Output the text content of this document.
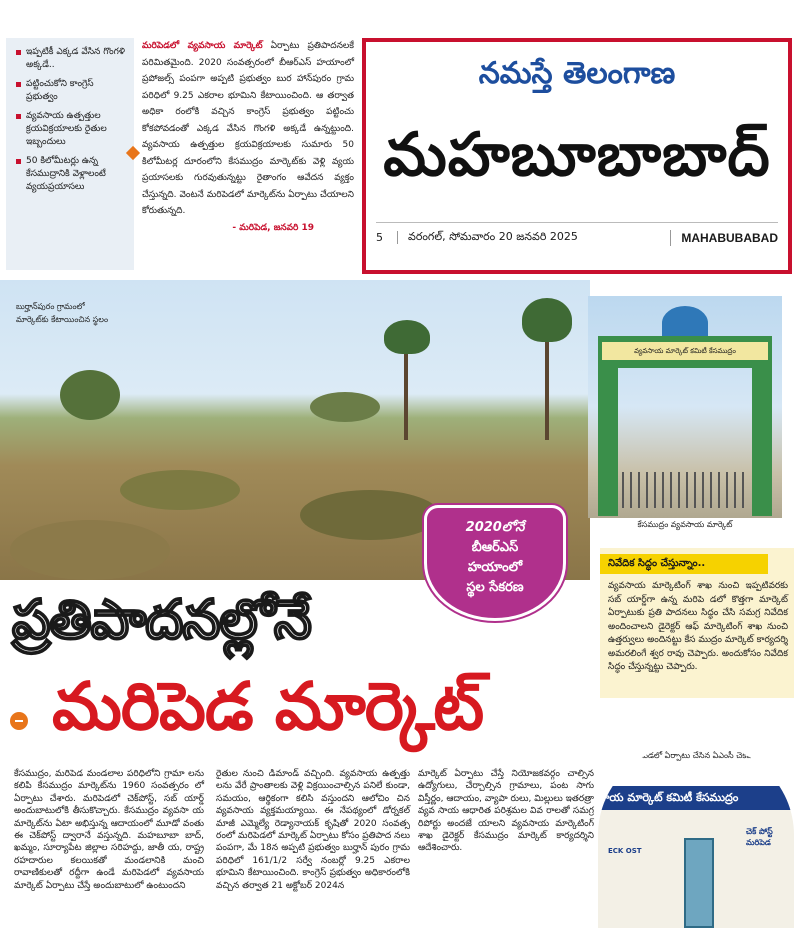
ఇప్పటికీ ఎక్కడ వేసిన గొంగళి అక్కడే..
పట్టించుకోని కాంగ్రెస్ ప్రభుత్వం
వ్యవసాయ ఉత్పత్తుల క్రయవిక్రయాలకు రైతుల ఇబ్బందులు
50 కిలోమీటర్లు ఉన్న కేసముద్రానికి వెళ్లాలంటే వ్యయప్రయాసలు
మరిపెడలో వ్యవసాయ మార్కెట్ ఏర్పాటు ప్రతిపాదనలకే పరిమితమైంది. 2020 సంవత్సరంలో బీఆర్ఎస్ హయాంలో ప్రపోజల్స్ పంపగా అప్పటి ప్రభుత్వం బుర హాన్‌పురం గ్రామ పరిధిలో 9.25 ఎకరాల భూమిని కేటాయించింది. ఆ తర్వాత అధికా రంలోకి వచ్చిన కాంగ్రెస్ ప్రభుత్వం పట్టించు కోకపోవడంతో ఎక్కడ వేసిన గొంగళి అక్కడే ఉన్నట్టుంది. వ్యవసాయ ఉత్పత్తుల క్రయవిక్రయాలకు సుమారు 50 కిలోమీటర్ల దూరంలోని కేసముద్రం మార్కెట్‌కు వెళ్లి వ్యయ ప్రయాసలకు గురవుతున్నట్టు రైతాంగం ఆవేదన వ్యక్తం చేస్తున్నది. వెంటనే మరిపెడలో మార్కెట్‌ను ఏర్పాటు చేయాలని కోరుతున్నది.
- మరిపెడ, జనవరి 19
నమస్తే తెలంగాణ
మహబూబాబాద్
5	వరంగల్, సోమవారం 20 జనవరి 2025	MAHABUBABAD
బుర్హాన్‌పురం గ్రామంలో మార్కెట్‌కు కేటాయించిన స్థలం
వ్యవసాయ మార్కెట్ కమిటీ కేసముద్రం
కేసముద్రం వ్యవసాయ మార్కెట్
2020లోనే
బీఆర్ఎస్
హయాంలో
స్థల సేకరణ
నివేదిక సిద్ధం చేస్తున్నాం..
వ్యవసాయ మార్కెటింగ్ శాఖ నుంచి ఇప్పటివరకు సబ్ యార్డ్‌గా ఉన్న మరిపె డలో కొత్తగా మార్కెట్ ఏర్పాటుకు ప్రతి పాదనలు సిద్ధం చేసి సమగ్ర నివేదిక అందించాలని డైరెక్టర్ ఆఫ్ మార్కెటింగ్ శాఖ నుంచి ఉత్తర్వులు అందినట్టు కేస ముద్రం మార్కెట్ కార్యదర్శి అమరలింగే శ్వర రావు చెప్పారు. అందుకోసం నివేదిక సిద్ధం చేస్తున్నట్టు చెప్పారు.
ప్రతిపాదనల్లోనే
మరిపెడ మార్కెట్
కేసముద్రం, మరిపెడ మండలాల పరిధిలోని గ్రామా లను కలిపి కేసముద్రం మార్కెట్‌ను 1960 సంవత్సరం లో ఏర్పాటు చేశారు. మరిపెడలో చెక్‌పోస్ట్, సబ్ యార్డ్ అందుబాటులోకి తీసుకొచ్చారు. కేసముద్రం వ్యవసా య మార్కెట్‌ను ఏటా అభిస్తున్న ఆదాయంలో మూడో వంతు ఈ చెక్‌పోస్ట్ ద్వారానే వస్తున్నది. మహబూబా బాద్, ఖమ్మం, సూర్యాపేట జిల్లాల సరిహద్దు, జాతీ య, రాష్ట్ర రహదారుల కలయికతో మండలానికి మంచి రావాణికులతో రద్దీగా ఉండే మరిపెడలో వ్యవసాయ మార్కెట్ ఏర్పాటు చేస్తే అందుబాటులో ఉంటుందని
రైతుల నుంచి డిమాండ్ వచ్చింది. వ్యవసాయ ఉత్పత్తు లను వేరే ప్రాంతాలకు వెళ్లి విక్రయించాల్సిన పనిలే కుండా, సమయం, ఆర్థికంగా కలిసి వస్తుందని ఆలోచిం చిన వ్యవసాయ వ్యక్తమయ్యాయి. ఈ నేపథ్యంలో డోర్నకల్ మాజీ ఎమ్మెల్యే రెడ్యానాయక్ కృషితో 2020 సంవత్స రంలో మరిపెడలో మార్కెట్ ఏర్పాటు కోసం ప్రతిపాద నలు పంపగా, మే 18న అప్పటి ప్రభుత్వం బుర్హాన్ పురం గ్రామ పరిధిలో 161/1/2 సర్వే నంబర్లో 9.25 ఎకరాల భూమిని కేటాయించింది. కాంగ్రెస్ ప్రభుత్వం అధికారంలోకి వచ్చిన తర్వాత 21 అక్టోబర్ 2024న
మార్కెట్ ఏర్పాటు చేస్తే నియోజకవర్గం చాల్సిన ఉద్యోగులు, చేర్చాల్సిన గ్రామాలు, పంట సాగు విస్తీర్ణం, ఆదాయం, వ్యాపా రులు, మిల్లులు ఇతరత్రా వ్యవ సాయ ఆధారిత పరిశ్రమల వివ రాలతో సమగ్ర రిపోర్టు అందజే యాలని వ్యవసాయ మార్కెటింగ్ శాఖ డైరెక్టర్ కేసముద్రం మార్కెట్ కార్యదర్శిని ఆదేశించారు.
మరిపెడలో ఏర్పాటు చేసిన ఏఎంసీ చెక్‌పోస్టు
సాయ మార్కెట్ కమిటీ కేసముద్రం
ECK OST
చెక్ పోస్ట్ మరిపెడ
